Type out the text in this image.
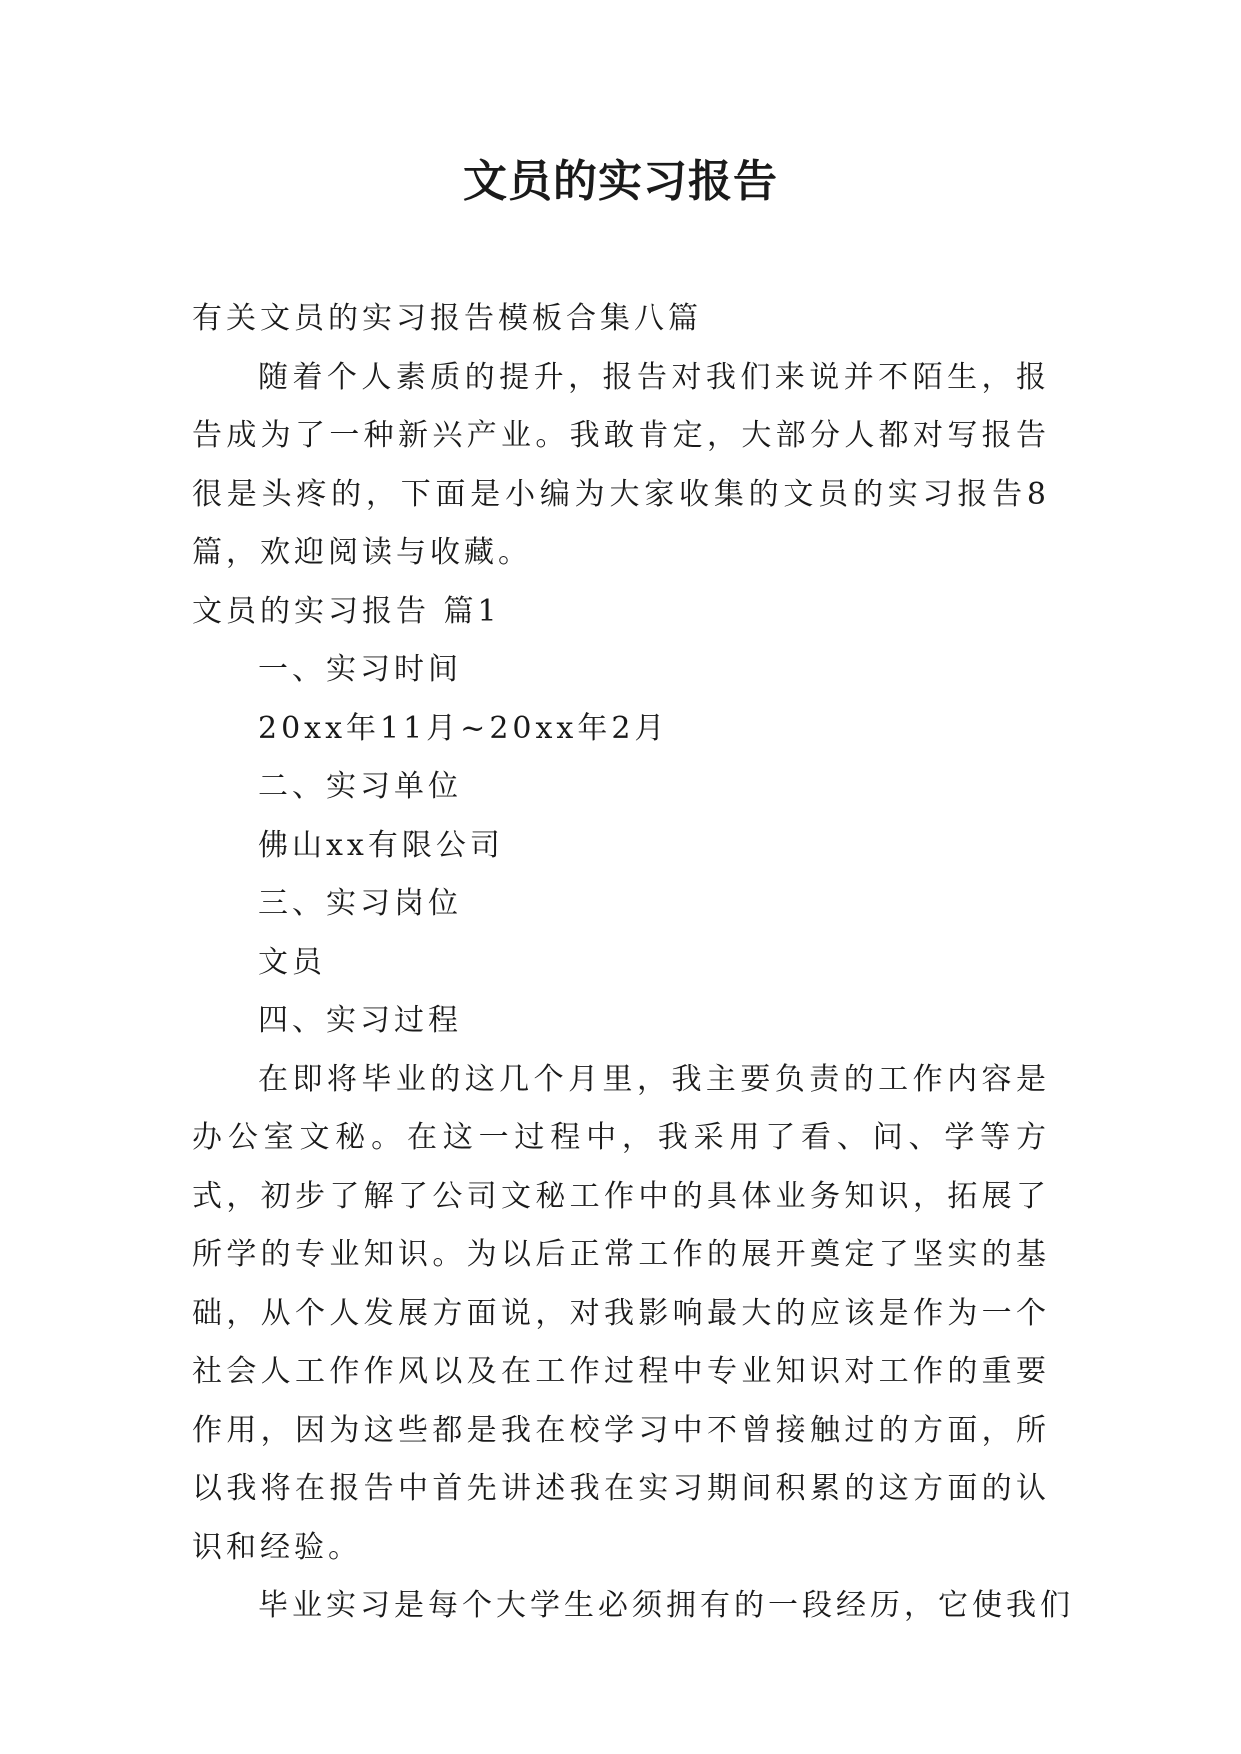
文员的实习报告

有关文员的实习报告模板合集八篇

随着个人素质的提升，报告对我们来说并不陌生，报告成为了一种新兴产业。我敢肯定，大部分人都对写报告很是头疼的，下面是小编为大家收集的文员的实习报告8篇，欢迎阅读与收藏。

文员的实习报告 篇1

一、实习时间

20xx年11月~20xx年2月

二、实习单位

佛山xx有限公司

三、实习岗位

文员

四、实习过程

在即将毕业的这几个月里，我主要负责的工作内容是办公室文秘。在这一过程中，我采用了看、问、学等方式，初步了解了公司文秘工作中的具体业务知识，拓展了所学的专业知识。为以后正常工作的展开奠定了坚实的基础，从个人发展方面说，对我影响最大的应该是作为一个社会人工作作风以及在工作过程中专业知识对工作的重要作用，因为这些都是我在校学习中不曾接触过的方面，所以我将在报告中首先讲述我在实习期间积累的这方面的认识和经验。

毕业实习是每个大学生必须拥有的一段经历，它使我们
